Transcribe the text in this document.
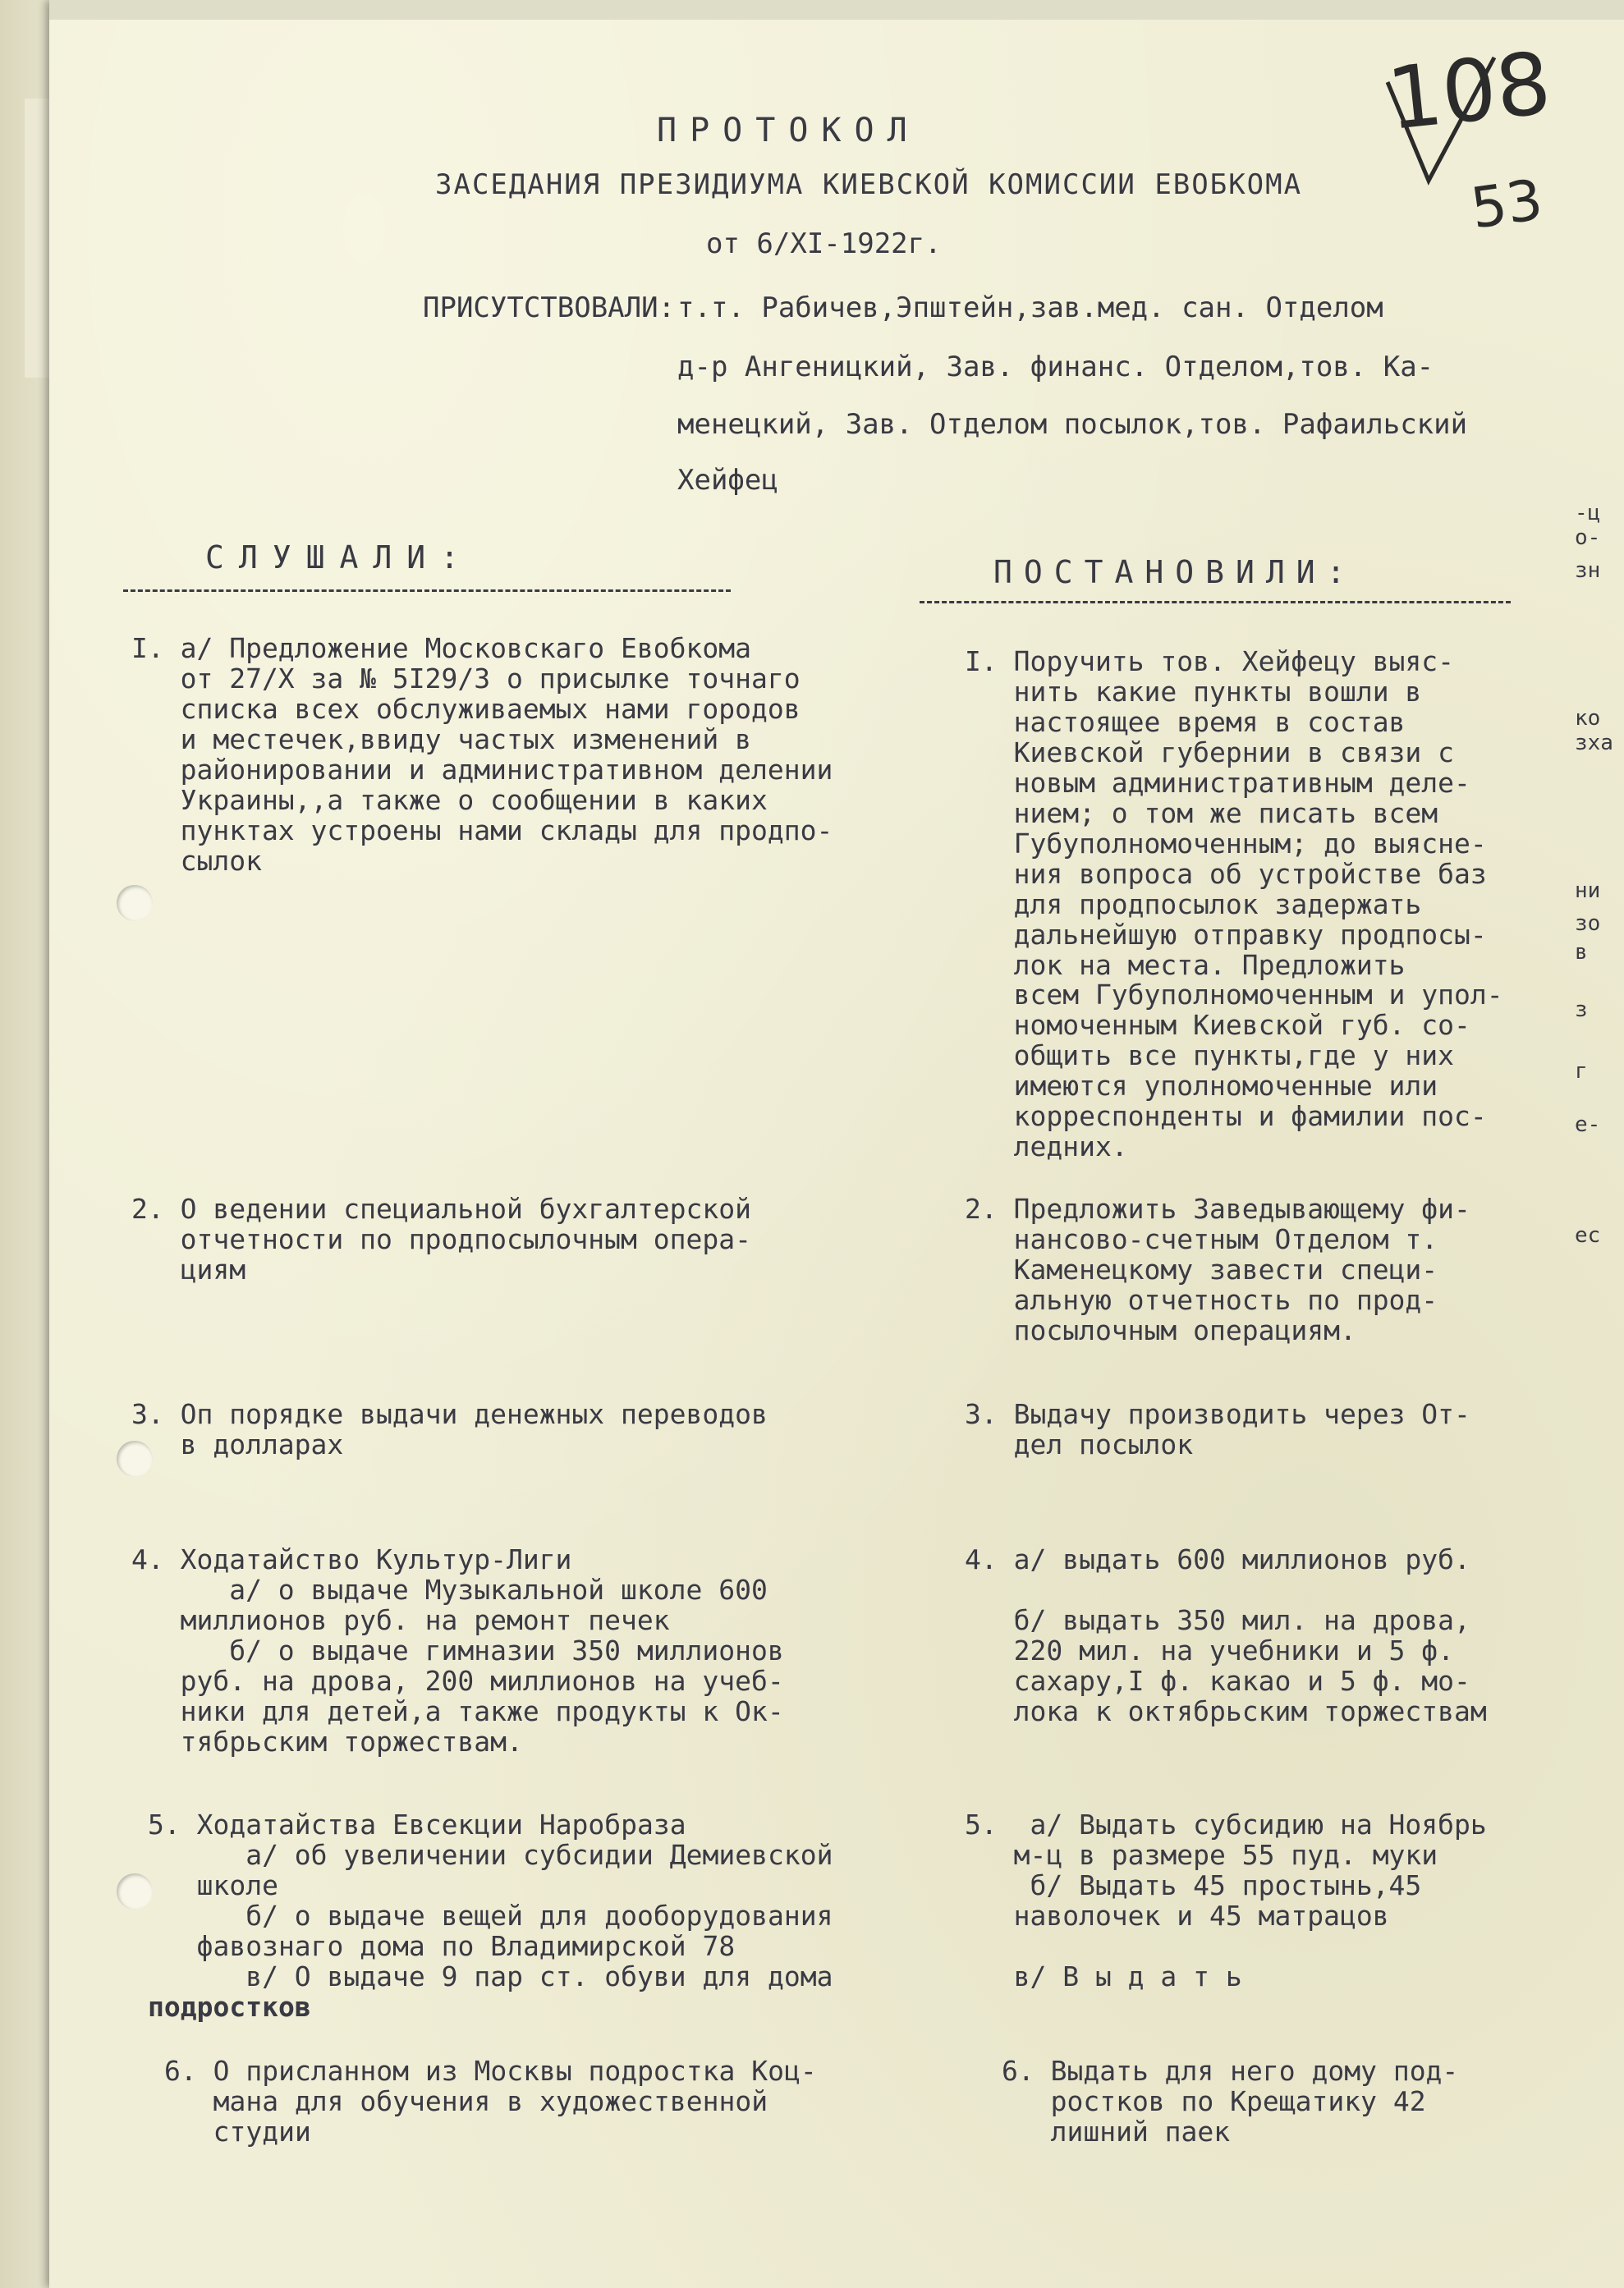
ПРОТОКОЛ
ЗАСЕДАНИЯ ПРЕЗИДИУМА КИЕВСКОЙ КОМИССИИ ЕВОБКОМА
от 6/XI-1922г.
ПРИСУТСТВОВАЛИ: т.т. Рабичев,Эпштейн,зав.мед. сан. Отделом
д-р Ангеницкий, Зав. финанс. Отделом,тов. Ка-
менецкий, Зав. Отделом посылок,тов. Рафаильский
Хейфец
СЛУШАЛИ:	ПОСТАНОВИЛИ:
I. а/ Предложение Московскаго Евобкома
от 27/X за № 5I29/3 о присылке точнаго
списка всех обслуживаемых нами городов
и местечек,ввиду частых изменений в
районировании и административном делении
Украины,,а также о сообщении в каких
пунктах устроены нами склады для продпо-
сылок
I. Поручить тов. Хейфецу выяс-
нить какие пункты вошли в
настоящее время в состав
Киевской губернии в связи с
новым административным деле-
нием; о том же писать всем
Губуполномоченным; до выясне-
ния вопроса об устройстве баз
для продпосылок задержать
дальнейшую отправку продпосы-
лок на места. Предложить
всем Губуполномоченным и упол-
номоченным Киевской губ. со-
общить все пункты,где у них
имеются уполномоченные или
корреспонденты и фамилии пос-
ледних.
2. О ведении специальной бухгалтерской
отчетности по продпосылочным опера-
циям
2. Предложить Заведывающему фи-
нансово-счетным Отделом т.
Каменецкому завести специ-
альную отчетность по прод-
посылочным операциям.
3. Оп порядке выдачи денежных переводов
в долларах
3. Выдачу производить через От-
дел посылок
4. Ходатайство Культур-Лиги
а/ о выдаче Музыкальной школе 600
миллионов руб. на ремонт печек
б/ о выдаче гимназии 350 миллионов
руб. на дрова, 200 миллионов на учеб-
ники для детей,а также продукты к Ок-
тябрьским торжествам.
4. а/ выдать 600 миллионов руб.
б/ выдать 350 мил. на дрова,
220 мил. на учебники и 5 ф.
сахару,I ф. какао и 5 ф. мо-
лока к октябрьским торжествам
5. Ходатайства Евсекции Наробраза
а/ об увеличении субсидии Демиевской
школе
б/ о выдаче вещей для дооборудования
фавознаго дома по Владимирской 78
в/ О выдаче 9 пар ст. обуви для дома
подростков
5.  а/ Выдать субсидию на Ноябрь
м-ц в размере 55 пуд. муки
б/ Выдать 45 простынь,45
наволочек и 45 матрацов
в/ В ы д а т ь
6. О присланном из Москвы подростка Коц-
мана для обучения в художественной
студии
6. Выдать для него дому под-
ростков по Крещатику 42
лишний паек
108
53
-ц
о-
зн
ко
зха
ни
зо
в
з
г
е-
ес
